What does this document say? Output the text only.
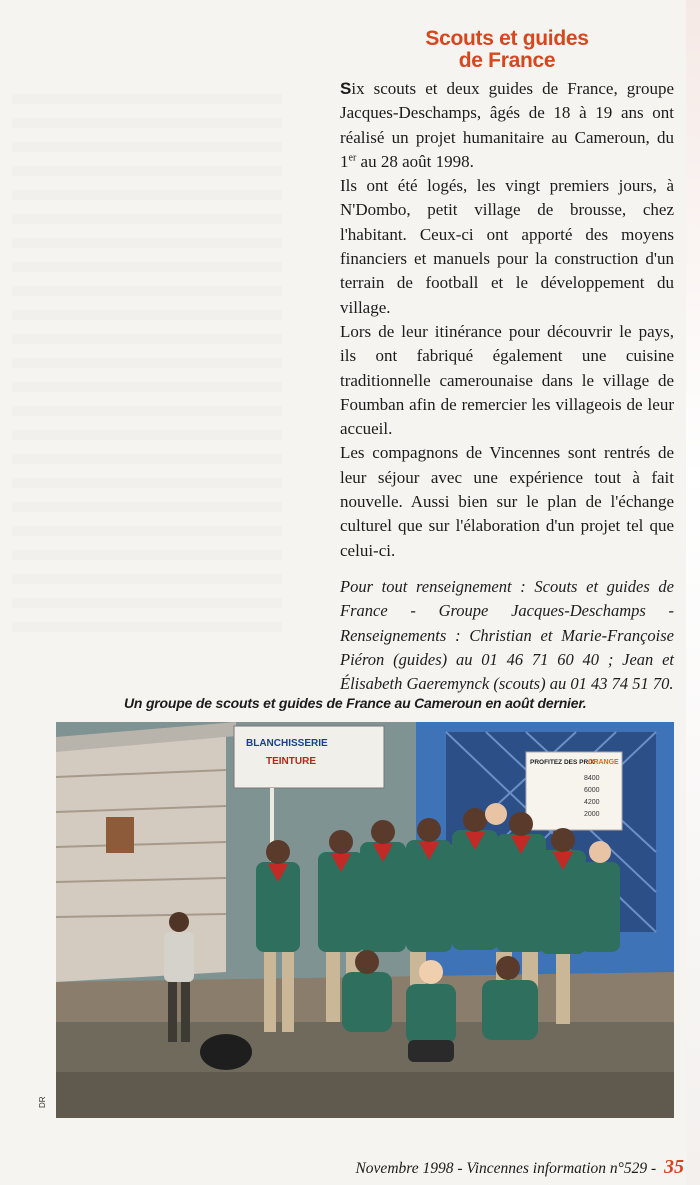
Scouts et guides
de France

Six scouts et deux guides de France, groupe Jacques-Deschamps, âgés de 18 à 19 ans ont réalisé un projet humanitaire au Cameroun, du 1er au 28 août 1998.

Ils ont été logés, les vingt premiers jours, à N'Dombo, petit village de brousse, chez l'habitant. Ceux-ci ont apporté des moyens financiers et manuels pour la construction d'un terrain de football et le développement du village.

Lors de leur itinérance pour découvrir le pays, ils ont fabriqué également une cuisine traditionnelle camerounaise dans le village de Foumban afin de remercier les villageois de leur accueil.

Les compagnons de Vincennes sont rentrés de leur séjour avec une expérience tout à fait nouvelle. Aussi bien sur le plan de l'échange culturel que sur l'élaboration d'un projet tel que celui-ci.

Pour tout renseignement : Scouts et guides de France - Groupe Jacques-Deschamps - Renseignements : Christian et Marie-Françoise Piéron (guides) au 01 46 71 60 40 ; Jean et Élisabeth Gaeremynck (scouts) au 01 43 74 51 70.

Un groupe de scouts et guides de France au Cameroun en août dernier.
BLANCHISSERIE
TEINTURE	PROFITEZ DES PRIX
ORANGE
8400
6000
4200
2000
DR
Novembre 1998 - Vincennes information n°529 - 35
